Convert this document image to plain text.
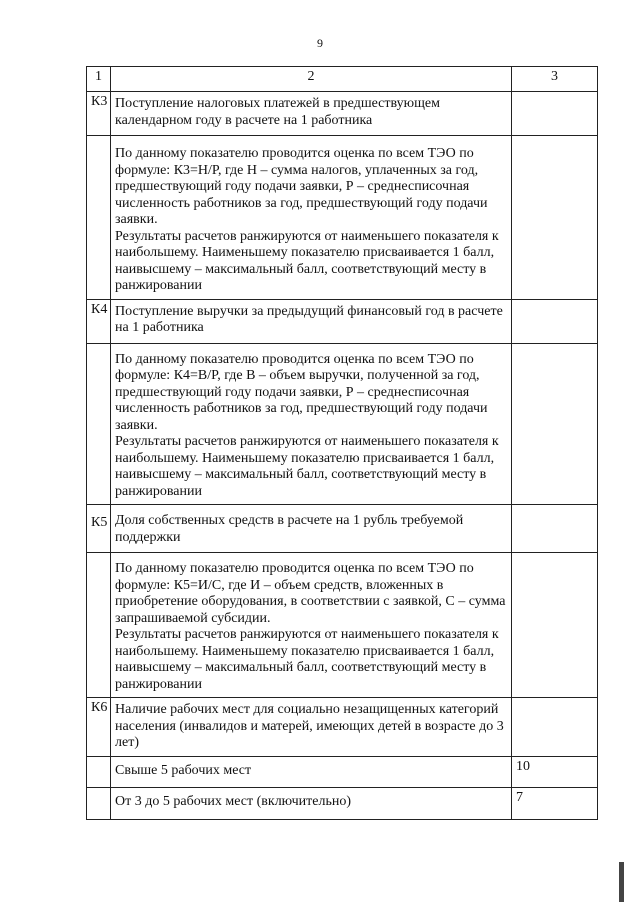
9
1	2	3
К3	Поступление налоговых платежей в предшествующем календарном году в расчете на 1 работника	

	По данному показателю проводится оценка по всем ТЭО по формуле: К3=Н/Р, где Н – сумма налогов, уплаченных за год, предшествующий году подачи заявки, Р – среднесписочная численность работников за год, предшествующий году подачи заявки.
Результаты расчетов ранжируются от наименьшего показателя к наибольшему. Наименьшему показателю присваивается 1 балл, наивысшему – максимальный балл, соответствующий месту в ранжировании	

К4	Поступление выручки за предыдущий финансовый год в расчете на 1 работника	

	По данному показателю проводится оценка по всем ТЭО по формуле: К4=В/Р, где В – объем выручки, полученной за год, предшествующий году подачи заявки, Р – среднесписочная численность работников за год, предшествующий году подачи заявки.
Результаты расчетов ранжируются от наименьшего показателя к наибольшему. Наименьшему показателю присваивается 1 балл, наивысшему – максимальный балл, соответствующий месту в ранжировании	

К5	Доля собственных средств в расчете на 1 рубль требуемой поддержки	

	По данному показателю проводится оценка по всем ТЭО по формуле: К5=И/С, где И – объем средств, вложенных в приобретение оборудования, в соответствии с заявкой, С – сумма запрашиваемой субсидии.
Результаты расчетов ранжируются от наименьшего показателя к наибольшему. Наименьшему показателю присваивается 1 балл, наивысшему – максимальный балл, соответствующий месту в ранжировании	

К6	Наличие рабочих мест для социально незащищенных категорий населения (инвалидов и матерей, имеющих детей в возрасте до 3 лет)	
	Свыше 5 рабочих мест	10
	От 3 до 5 рабочих мест (включительно)	7
